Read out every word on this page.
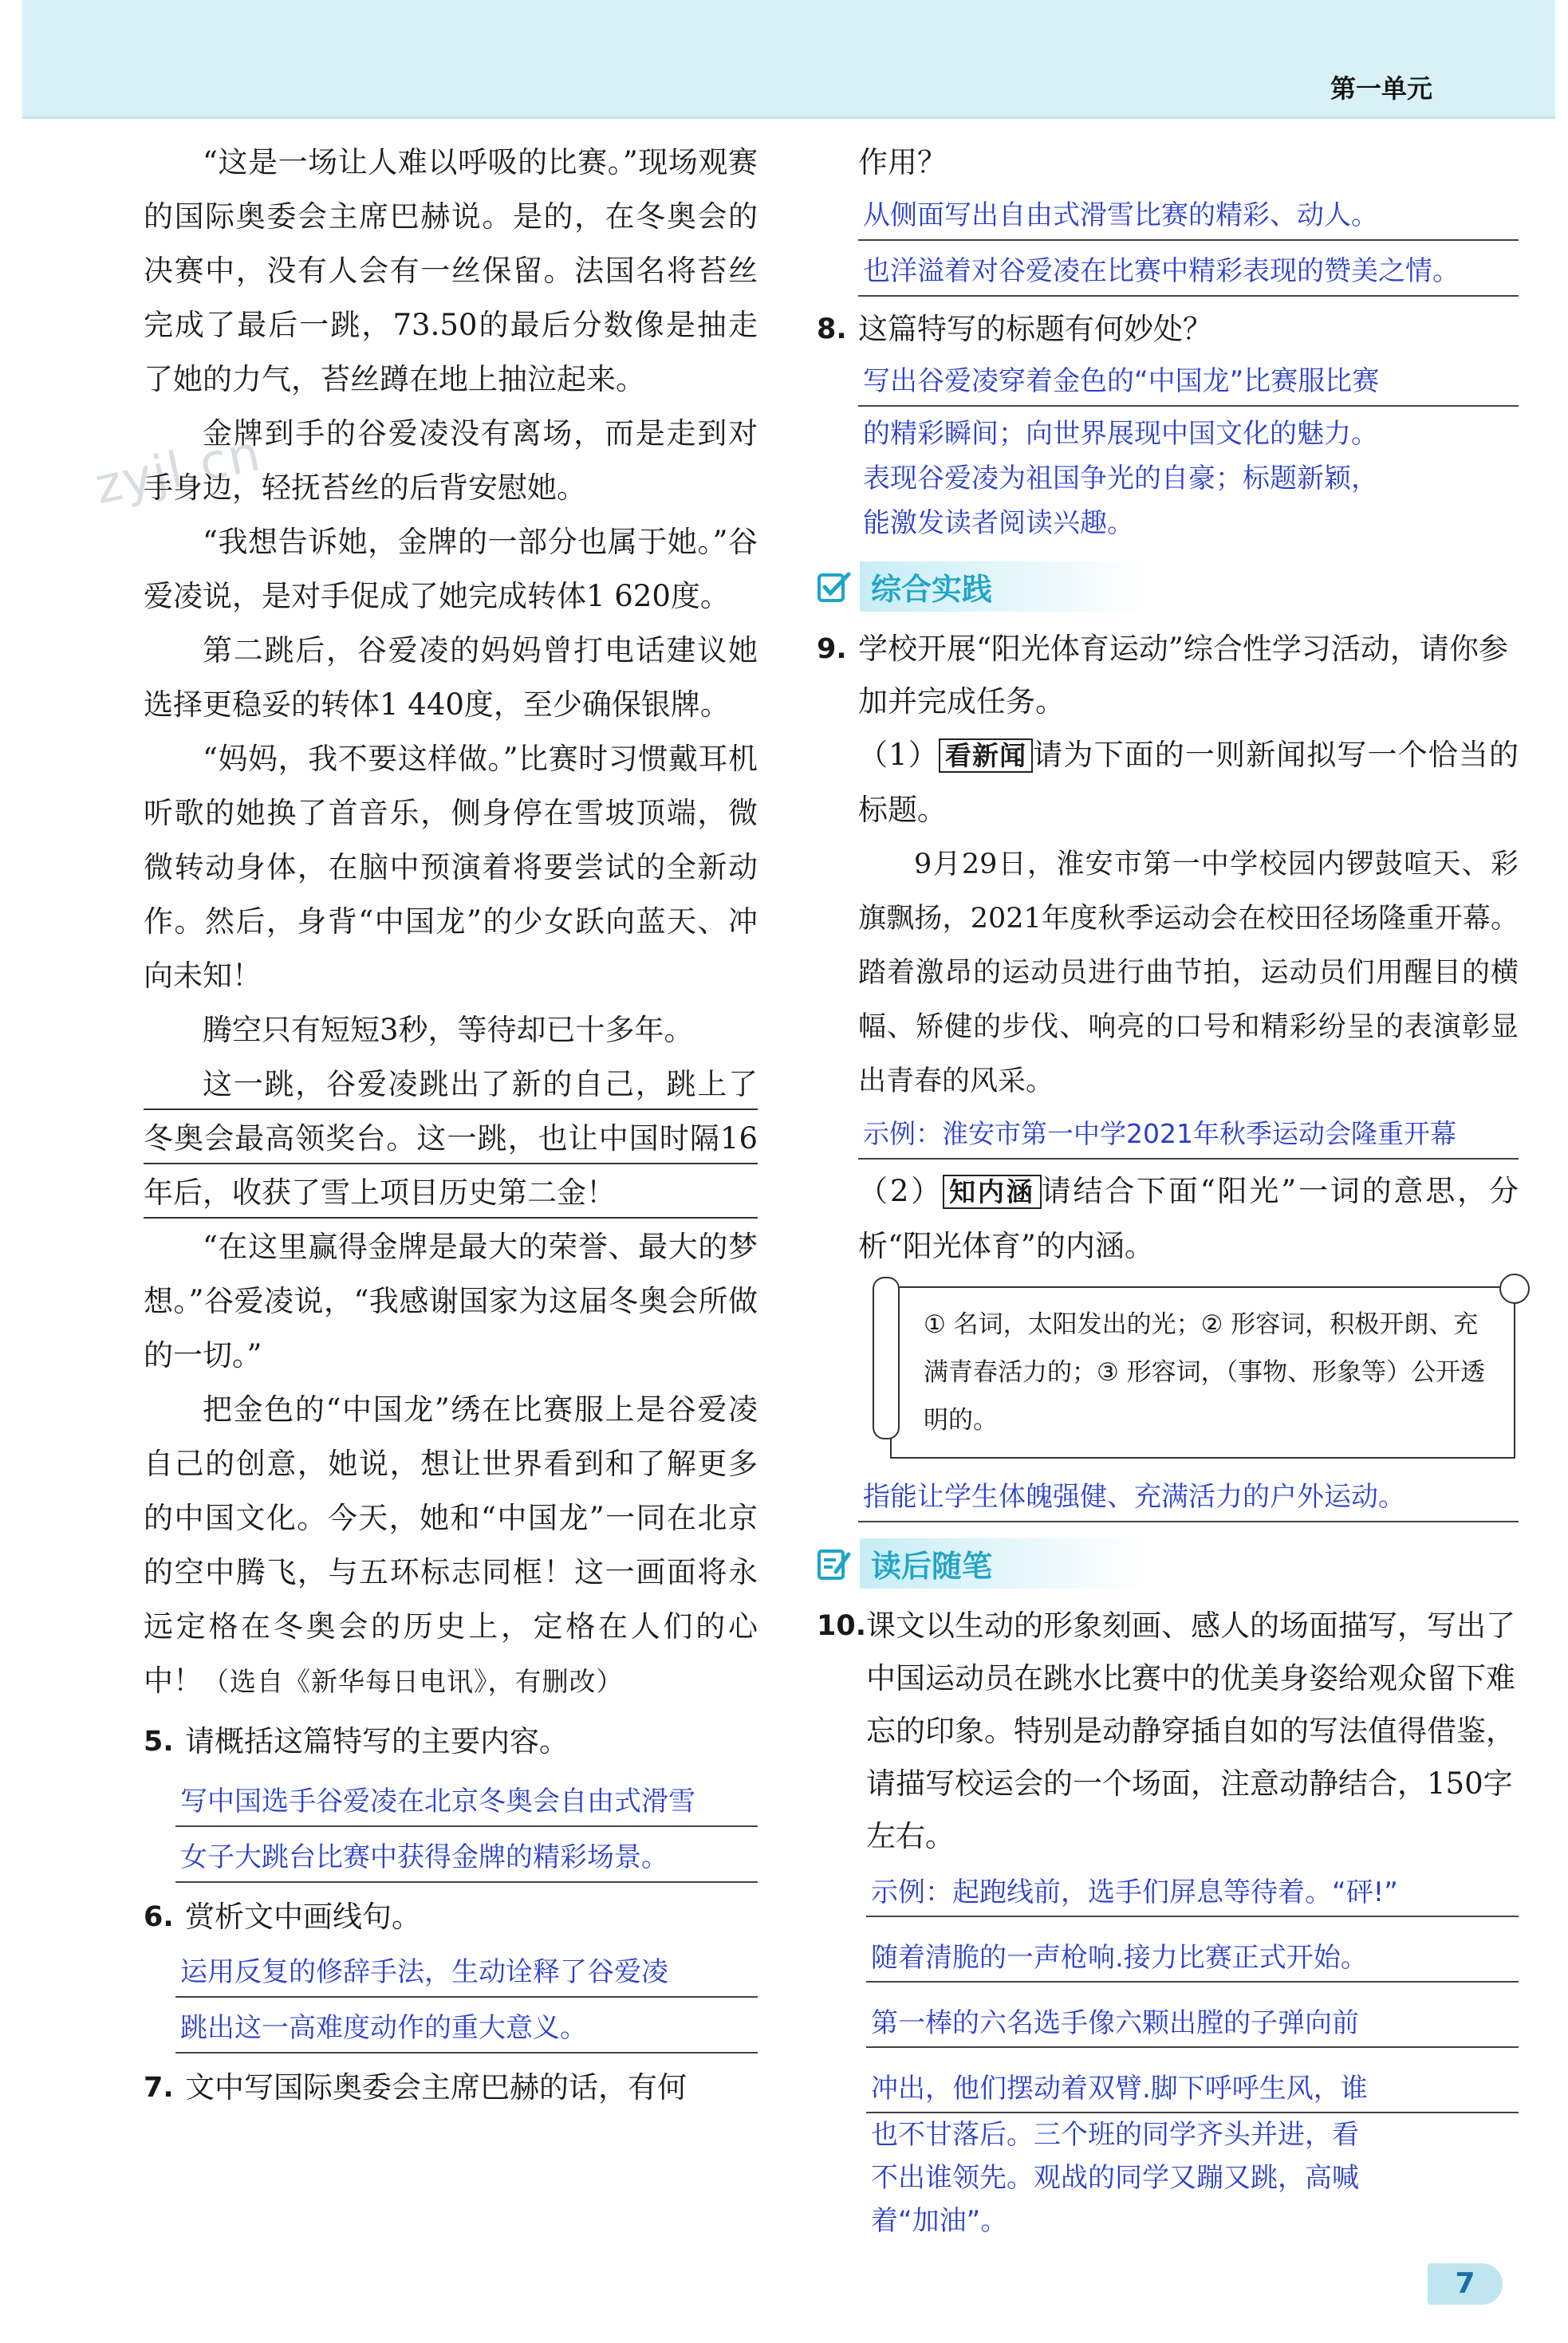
第一单元
zyjl.cn

“这是一场让人难以呼吸的比赛。”现场观赛的国际奥委会主席巴赫说。是的，在冬奥会的决赛中，没有人会有一丝保留。法国名将苔丝完成了最后一跳，73.50的最后分数像是抽走了她的力气，苔丝蹲在地上抽泣起来。

金牌到手的谷爱凌没有离场，而是走到对手身边，轻抚苔丝的后背安慰她。

“我想告诉她，金牌的一部分也属于她。”谷爱凌说，是对手促成了她完成转体1 620度。

第二跳后，谷爱凌的妈妈曾打电话建议她选择更稳妥的转体1 440度，至少确保银牌。

“妈妈，我不要这样做。”比赛时习惯戴耳机听歌的她换了首音乐，侧身停在雪坡顶端，微微转动身体，在脑中预演着将要尝试的全新动作。然后，身背“中国龙”的少女跃向蓝天、冲向未知！

腾空只有短短3秒，等待却已十多年。

这一跳，谷爱凌跳出了新的自己，跳上了冬奥会最高领奖台。这一跳，也让中国时隔16年后，收获了雪上项目历史第二金！

“在这里赢得金牌是最大的荣誉、最大的梦想。”谷爱凌说，“我感谢国家为这届冬奥会所做的一切。”

把金色的“中国龙”绣在比赛服上是谷爱凌自己的创意，她说，想让世界看到和了解更多的中国文化。今天，她和“中国龙”一同在北京的空中腾飞，与五环标志同框！这一画面将永远定格在冬奥会的历史上，定格在人们的心中！（选自《新华每日电讯》，有删改）

5. 请概括这篇特写的主要内容。
写中国选手谷爱凌在北京冬奥会自由式滑雪
女子大跳台比赛中获得金牌的精彩场景。
6. 赏析文中画线句。
运用反复的修辞手法，生动诠释了谷爱凌
跳出这一高难度动作的重大意义。
7. 文中写国际奥委会主席巴赫的话，有何

作用？

从侧面写出自由式滑雪比赛的精彩、动人。
也洋溢着对谷爱凌在比赛中精彩表现的赞美之情。
8. 这篇特写的标题有何妙处？
写出谷爱凌穿着金色的“中国龙”比赛服比赛
的精彩瞬间；向世界展现中国文化的魅力。
表现谷爱凌为祖国争光的自豪；标题新颖，
能激发读者阅读兴趣。
综合实践
9. 学校开展“阳光体育运动”综合性学习活动，请你参加并完成任务。

（1） 看新闻 请为下面的一则新闻拟写一个恰当的标题。

9月29日，淮安市第一中学校园内锣鼓喧天、彩旗飘扬，2021年度秋季运动会在校田径场隆重开幕。踏着激昂的运动员进行曲节拍，运动员们用醒目的横幅、矫健的步伐、响亮的口号和精彩纷呈的表演彰显出青春的风采。

示例：淮安市第一中学2021年秋季运动会隆重开幕

（2） 知内涵 请结合下面“阳光”一词的意思，分析“阳光体育”的内涵。

① 名词，太阳发出的光；② 形容词，积极开朗、充满青春活力的；③ 形容词，（事物、形象等）公开透明的。
指能让学生体魄强健、充满活力的户外运动。
读后随笔
10. 课文以生动的形象刻画、感人的场面描写，写出了中国运动员在跳水比赛中的优美身姿给观众留下难忘的印象。特别是动静穿插自如的写法值得借鉴，请描写校运会的一个场面，注意动静结合，150字左右。
示例：起跑线前，选手们屏息等待着。“砰!”
随着清脆的一声枪响.接力比赛正式开始。
第一棒的六名选手像六颗出膛的子弹向前
冲出，他们摆动着双臂.脚下呼呼生风，谁
也不甘落后。三个班的同学齐头并进，看
不出谁领先。观战的同学又蹦又跳，高喊
着“加油”。
7
